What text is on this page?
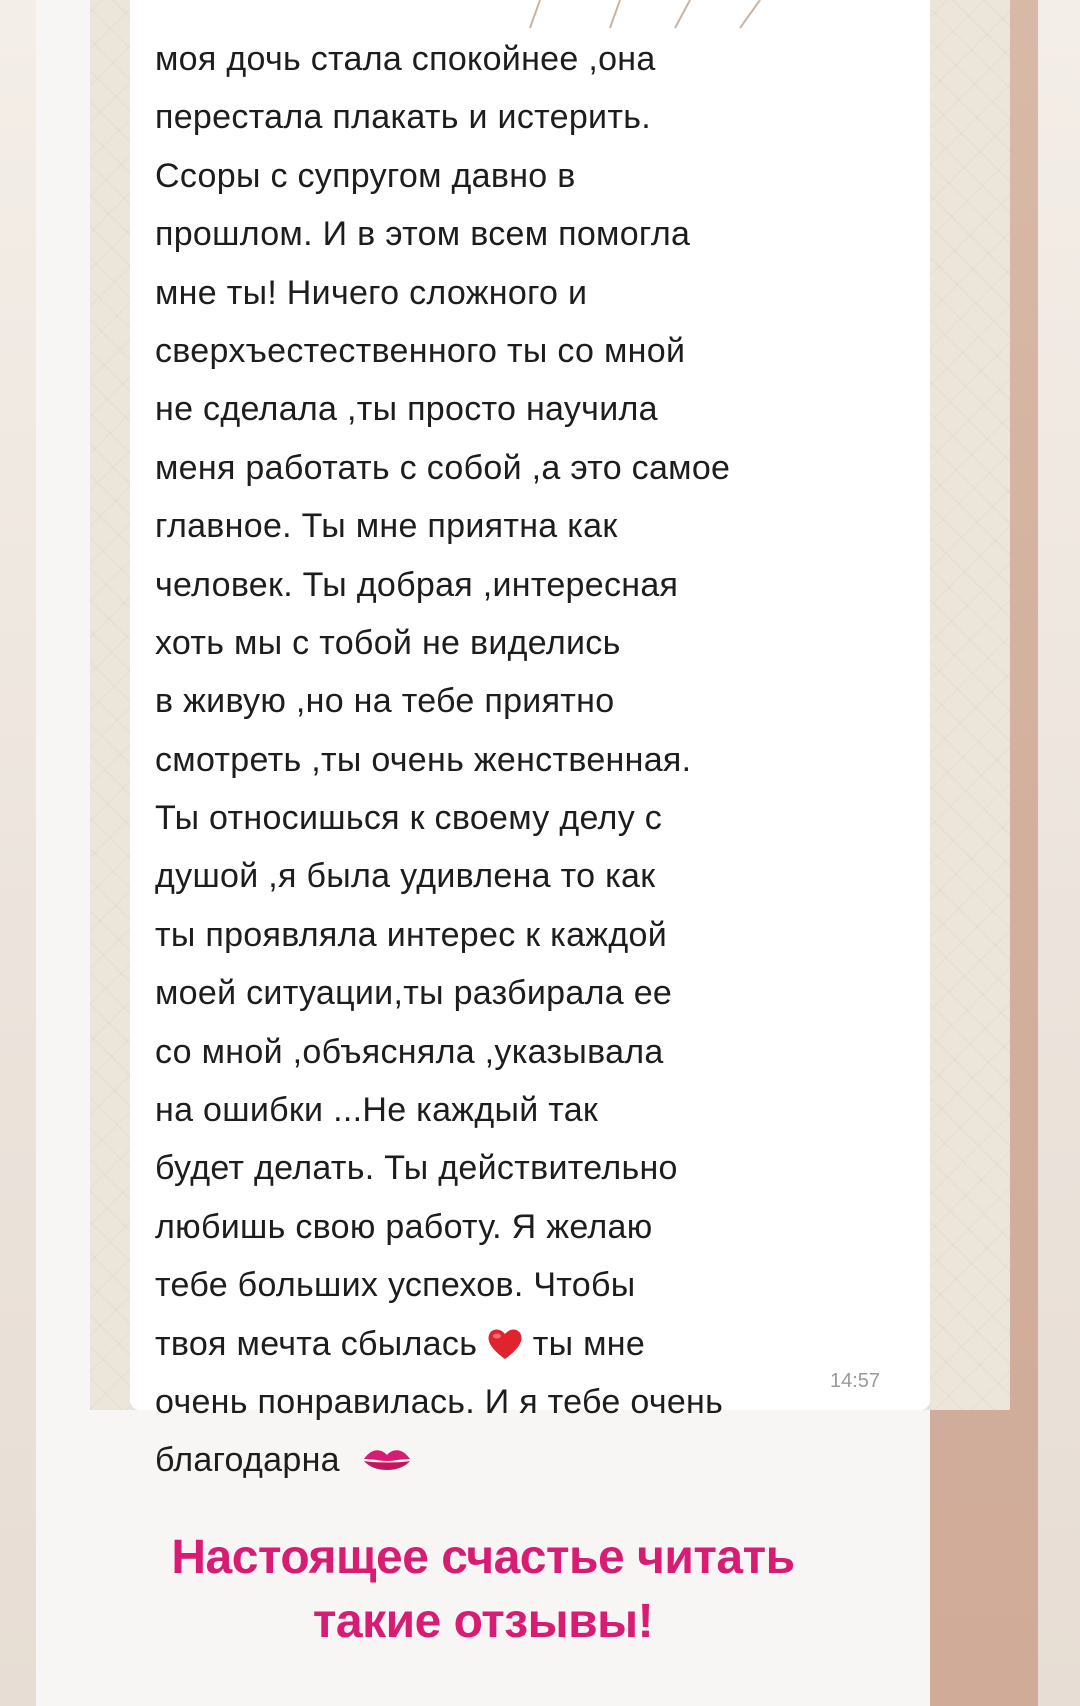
моя дочь стала спокойнее ,она
перестала плакать и истерить.
Ссоры с супругом давно в
прошлом. И в этом всем помогла
мне ты! Ничего сложного и
сверхъестественного ты со мной
не сделала ,ты просто научила
меня работать с собой ,а это самое
главное. Ты мне приятна как
человек. Ты добрая ,интересная
хоть мы с тобой не виделись
в живую ,но на тебе приятно
смотреть ,ты очень женственная.
Ты относишься к своему делу с
душой ,я была удивлена то как
ты проявляла интерес к каждой
моей ситуации,ты разбирала ее
со мной ,объясняла ,указывала
на ошибки ...Не каждый так
будет делать. Ты действительно
любишь свою работу. Я желаю
тебе больших успехов. Чтобы
твоя мечта сбылась ты мне
очень понравилась. И я тебе очень
благодарна
14:57
Настоящее счастье читать
такие отзывы!
